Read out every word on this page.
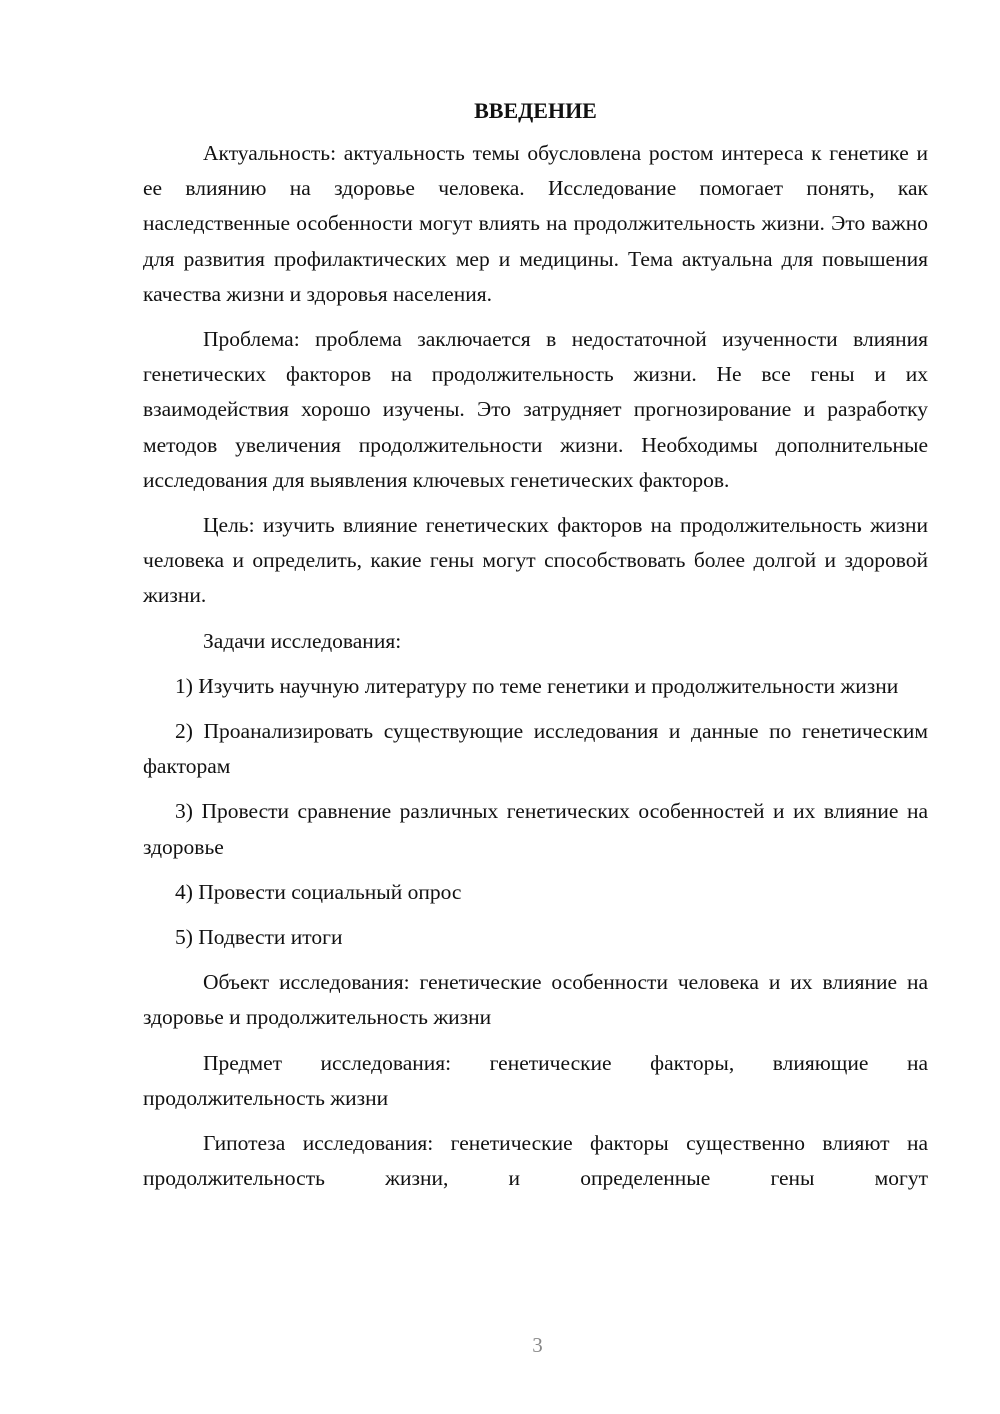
ВВЕДЕНИЕ

Актуальность: актуальность темы обусловлена ростом интереса к генетике и ее влиянию на здоровье человека. Исследование помогает понять, как наследственные особенности могут влиять на продолжительность жизни. Это важно для развития профилактических мер и медицины. Тема актуальна для повышения качества жизни и здоровья населения.

Проблема: проблема заключается в недостаточной изученности влияния генетических факторов на продолжительность жизни. Не все гены и их взаимодействия хорошо изучены. Это затрудняет прогнозирование и разработку методов увеличения продолжительности жизни. Необходимы дополнительные исследования для выявления ключевых генетических факторов.

Цель: изучить влияние генетических факторов на продолжительность жизни человека и определить, какие гены могут способствовать более долгой и здоровой жизни.

Задачи исследования:

1) Изучить научную литературу по теме генетики и продолжительности жизни

2) Проанализировать существующие исследования и данные по генетическим факторам

3) Провести сравнение различных генетических особенностей и их влияние на здоровье

4) Провести социальный опрос

5) Подвести итоги

Объект исследования: генетические особенности человека и их влияние на здоровье и продолжительность жизни

Предмет исследования: генетические факторы, влияющие на продолжительность жизни

Гипотеза исследования: генетические факторы существенно влияют на продолжительность жизни, и определенные гены могут

3
